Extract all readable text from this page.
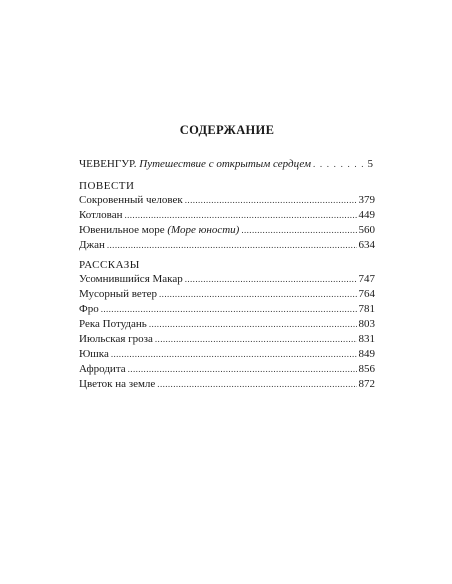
СОДЕРЖАНИЕ
ЧЕВЕНГУР. Путешествие с открытым сердцем . . .	5
ПОВЕСТИ
Сокровенный человек .....	379
Котлован .....	449
Ювенильное море (Море юности) .....	560
Джан .....	634
РАССКАЗЫ
Усомнившийся Макар .....	747
Мусорный ветер .....	764
Фро .....	781
Река Потудань .....	803
Июльская гроза .....	831
Юшка .....	849
Афродита .....	856
Цветок на земле .....	872
